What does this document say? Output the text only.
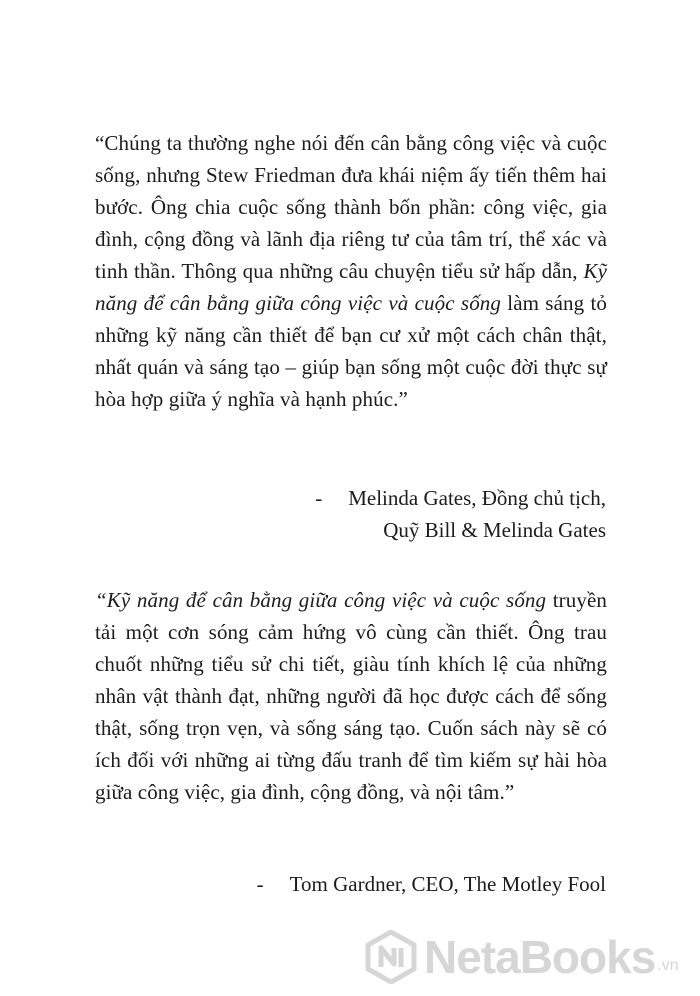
“Chúng ta thường nghe nói đến cân bằng công việc và cuộc sống, nhưng Stew Friedman đưa khái niệm ấy tiến thêm hai bước. Ông chia cuộc sống thành bốn phần: công việc, gia đình, cộng đồng và lãnh địa riêng tư của tâm trí, thể xác và tinh thần. Thông qua những câu chuyện tiểu sử hấp dẫn, Kỹ năng để cân bằng giữa công việc và cuộc sống làm sáng tỏ những kỹ năng cần thiết để bạn cư xử một cách chân thật, nhất quán và sáng tạo – giúp bạn sống một cuộc đời thực sự hòa hợp giữa ý nghĩa và hạnh phúc.”

- Melinda Gates, Đồng chủ tịch,
Quỹ Bill & Melinda Gates

“Kỹ năng để cân bằng giữa công việc và cuộc sống truyền tải một cơn sóng cảm hứng vô cùng cần thiết. Ông trau chuốt những tiểu sử chi tiết, giàu tính khích lệ của những nhân vật thành đạt, những người đã học được cách để sống thật, sống trọn vẹn, và sống sáng tạo. Cuốn sách này sẽ có ích đối với những ai từng đấu tranh để tìm kiếm sự hài hòa giữa công việc, gia đình, cộng đồng, và nội tâm.”

- Tom Gardner, CEO, The Motley Fool
NetaBooks .vn
